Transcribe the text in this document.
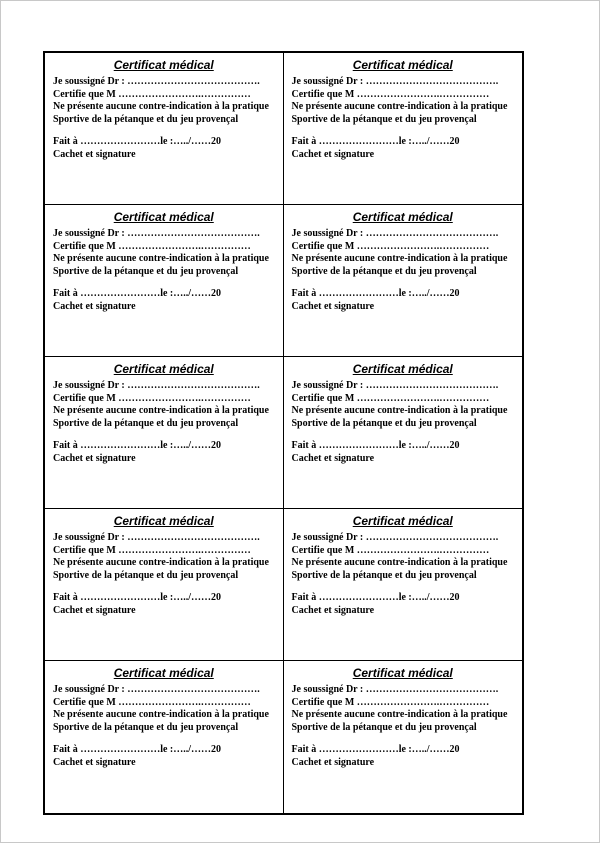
Certificat médical
Je soussigné Dr : ………………………………….
Certifie que M …………………….……………
Ne présente aucune contre-indication à la pratique
Sportive de la pétanque et du jeu provençal
Fait à ……………………le :…../……20
Cachet et signature
Certificat médical
Je soussigné Dr : ………………………………….
Certifie que M …………………….……………
Ne présente aucune contre-indication à la pratique
Sportive de la pétanque et du jeu provençal
Fait à ……………………le :…../……20
Cachet et signature
Certificat médical
Je soussigné Dr : ………………………………….
Certifie que M …………………….……………
Ne présente aucune contre-indication à la pratique
Sportive de la pétanque et du jeu provençal
Fait à ……………………le :…../……20
Cachet et signature
Certificat médical
Je soussigné Dr : ………………………………….
Certifie que M …………………….……………
Ne présente aucune contre-indication à la pratique
Sportive de la pétanque et du jeu provençal
Fait à ……………………le :…../……20
Cachet et signature
Certificat médical
Je soussigné Dr : ………………………………….
Certifie que M …………………….……………
Ne présente aucune contre-indication à la pratique
Sportive de la pétanque et du jeu provençal
Fait à ……………………le :…../……20
Cachet et signature
Certificat médical
Je soussigné Dr : ………………………………….
Certifie que M …………………….……………
Ne présente aucune contre-indication à la pratique
Sportive de la pétanque et du jeu provençal
Fait à ……………………le :…../……20
Cachet et signature
Certificat médical
Je soussigné Dr : ………………………………….
Certifie que M …………………….……………
Ne présente aucune contre-indication à la pratique
Sportive de la pétanque et du jeu provençal
Fait à ……………………le :…../……20
Cachet et signature
Certificat médical
Je soussigné Dr : ………………………………….
Certifie que M …………………….……………
Ne présente aucune contre-indication à la pratique
Sportive de la pétanque et du jeu provençal
Fait à ……………………le :…../……20
Cachet et signature
Certificat médical
Je soussigné Dr : ………………………………….
Certifie que M …………………….……………
Ne présente aucune contre-indication à la pratique
Sportive de la pétanque et du jeu provençal
Fait à ……………………le :…../……20
Cachet et signature
Certificat médical
Je soussigné Dr : ………………………………….
Certifie que M …………………….……………
Ne présente aucune contre-indication à la pratique
Sportive de la pétanque et du jeu provençal
Fait à ……………………le :…../……20
Cachet et signature
